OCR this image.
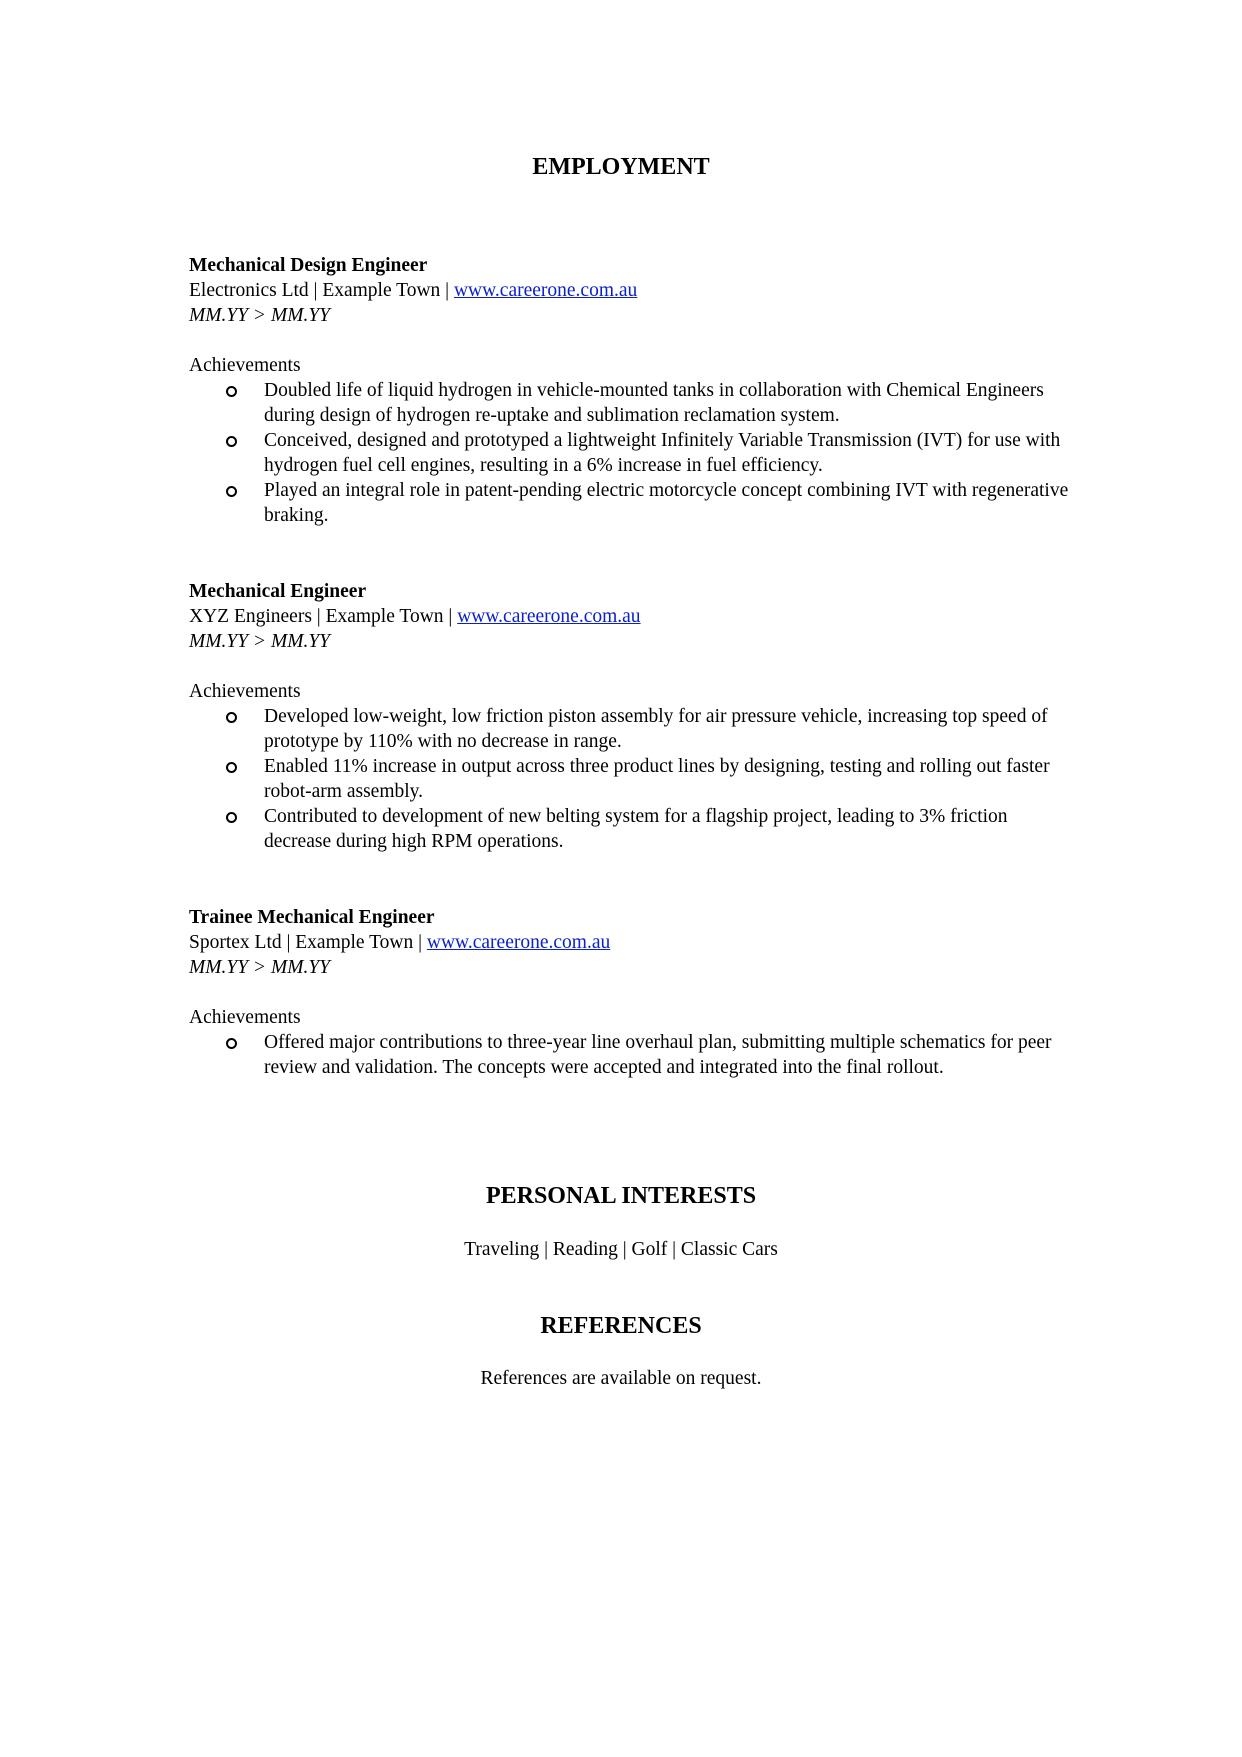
EMPLOYMENT

Mechanical Design Engineer

Electronics Ltd | Example Town | www.careerone.com.au

MM.YY > MM.YY

Achievements

Doubled life of liquid hydrogen in vehicle-mounted tanks in collaboration with Chemical Engineers during design of hydrogen re-uptake and sublimation reclamation system.
Conceived, designed and prototyped a lightweight Infinitely Variable Transmission (IVT) for use with hydrogen fuel cell engines, resulting in a 6% increase in fuel efficiency.
Played an integral role in patent-pending electric motorcycle concept combining IVT with regenerative braking.

Mechanical Engineer

XYZ Engineers | Example Town | www.careerone.com.au

MM.YY > MM.YY

Achievements

Developed low-weight, low friction piston assembly for air pressure vehicle, increasing top speed of prototype by 110% with no decrease in range.
Enabled 11% increase in output across three product lines by designing, testing and rolling out faster robot-arm assembly.
Contributed to development of new belting system for a flagship project, leading to 3% friction decrease during high RPM operations.

Trainee Mechanical Engineer

Sportex Ltd | Example Town | www.careerone.com.au

MM.YY > MM.YY

Achievements

Offered major contributions to three-year line overhaul plan, submitting multiple schematics for peer review and validation. The concepts were accepted and integrated into the final rollout.
PERSONAL INTERESTS

Traveling | Reading | Golf | Classic Cars

REFERENCES

References are available on request.
